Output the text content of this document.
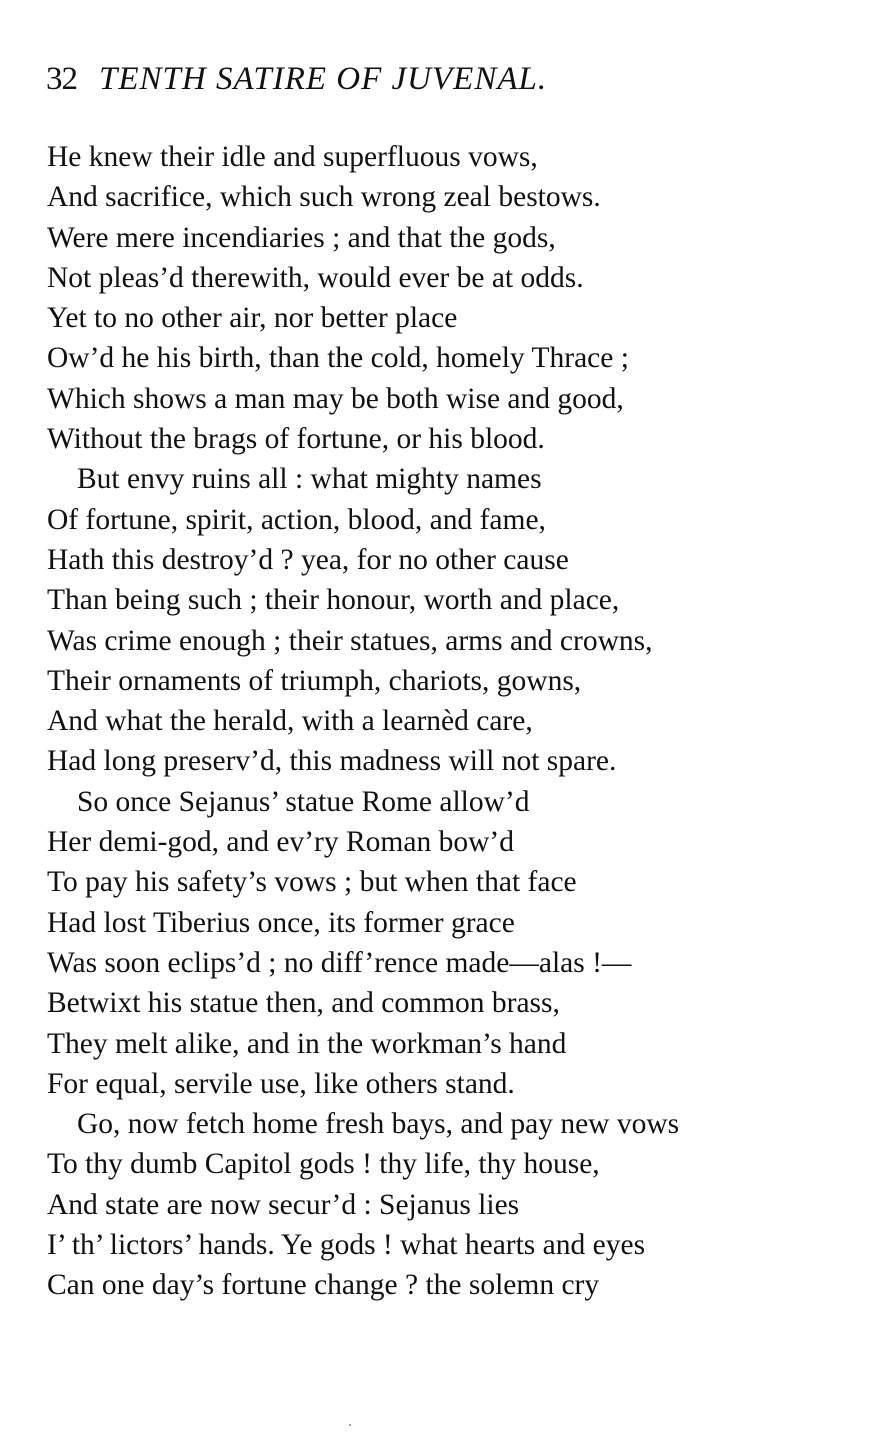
32 TENTH SATIRE OF JUVENAL.
He knew their idle and superfluous vows,
And sacrifice, which such wrong zeal bestows.
Were mere incendiaries ; and that the gods,
Not pleas’d therewith, would ever be at odds.
Yet to no other air, nor better place
Ow’d he his birth, than the cold, homely Thrace ;
Which shows a man may be both wise and good,
Without the brags of fortune, or his blood.
But envy ruins all : what mighty names
Of fortune, spirit, action, blood, and fame,
Hath this destroy’d ? yea, for no other cause
Than being such ; their honour, worth and place,
Was crime enough ; their statues, arms and crowns,
Their ornaments of triumph, chariots, gowns,
And what the herald, with a learnèd care,
Had long preserv’d, this madness will not spare.
So once Sejanus’ statue Rome allow’d
Her demi-god, and ev’ry Roman bow’d
To pay his safety’s vows ; but when that face
Had lost Tiberius once, its former grace
Was soon eclips’d ; no diff’rence made—alas !—
Betwixt his statue then, and common brass,
They melt alike, and in the workman’s hand
For equal, servile use, like others stand.
Go, now fetch home fresh bays, and pay new vows
To thy dumb Capitol gods ! thy life, thy house,
And state are now secur’d : Sejanus lies
I’ th’ lictors’ hands. Ye gods ! what hearts and eyes
Can one day’s fortune change ? the solemn cry
